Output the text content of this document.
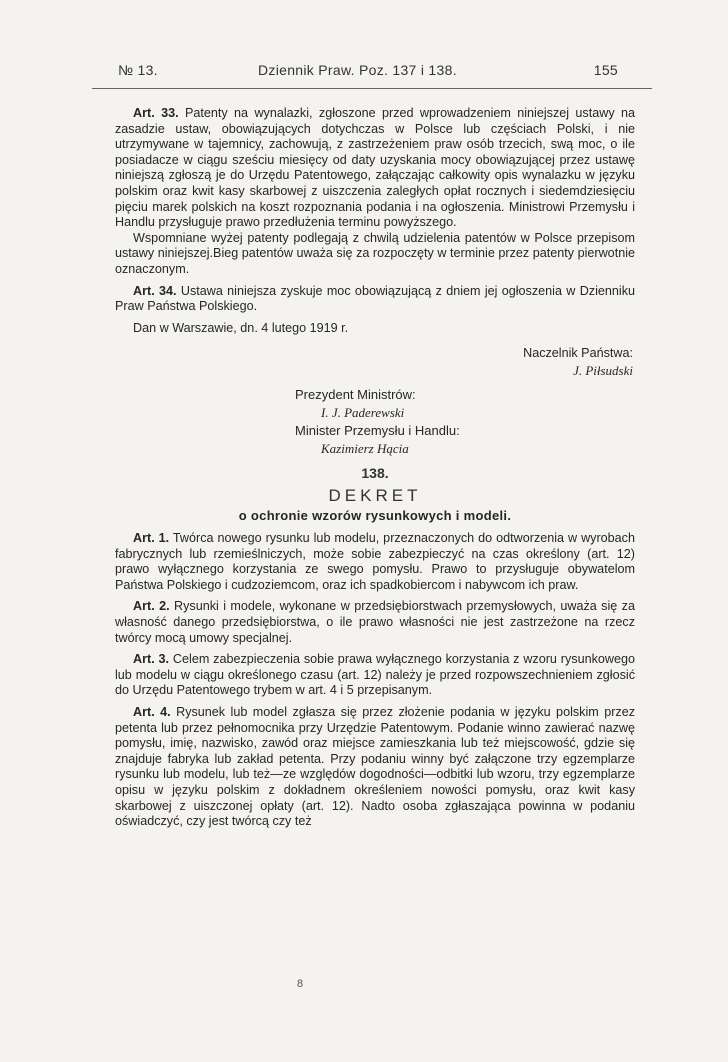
№ 13.	Dziennik Praw. Poz. 137 i 138.	155

Art. 33. Patenty na wynalazki, zgłoszone przed wprowadzeniem niniejszej ustawy na zasadzie ustaw, obowiązujących dotychczas w Polsce lub częściach Polski, i nie utrzymywane w tajemnicy, zachowują, z zastrzeżeniem praw osób trzecich, swą moc, o ile posiadacze w ciągu sześciu miesięcy od daty uzyskania mocy obowiązującej przez ustawę niniejszą zgłoszą je do Urzędu Patentowego, załączając całkowity opis wynalazku w języku polskim oraz kwit kasy skarbowej z uiszczenia zaległych opłat rocznych i siedemdziesięciu pięciu marek polskich na koszt rozpoznania podania i na ogłoszenia. Ministrowi Przemysłu i Handlu przysługuje prawo przedłużenia terminu powyższego.

Wspomniane wyżej patenty podlegają z chwilą udzielenia patentów w Polsce przepisom ustawy niniejszej.Bieg patentów uważa się za rozpoczęty w terminie przez patenty pierwotnie oznaczonym.

Art. 34. Ustawa niniejsza zyskuje moc obowiązującą z dniem jej ogłoszenia w Dzienniku Praw Państwa Polskiego.

Dan w Warszawie, dn. 4 lutego 1919 r.

Naczelnik Państwa:
J. Piłsudski
Prezydent Ministrów:
I. J. Paderewski
Minister Przemysłu i Handlu:
Kazimierz Hącia
138.
DEKRET
o ochronie wzorów rysunkowych i modeli.

Art. 1. Twórca nowego rysunku lub modelu, przeznaczonych do odtworzenia w wyrobach fabrycznych lub rzemieślniczych, może sobie zabezpieczyć na czas określony (art. 12) prawo wyłącznego korzystania ze swego pomysłu. Prawo to przysługuje obywatelom Państwa Polskiego i cudzoziemcom, oraz ich spadkobiercom i nabywcom ich praw.

Art. 2. Rysunki i modele, wykonane w przedsiębiorstwach przemysłowych, uważa się za własność danego przedsiębiorstwa, o ile prawo własności nie jest zastrzeżone na rzecz twórcy mocą umowy specjalnej.

Art. 3. Celem zabezpieczenia sobie prawa wyłącznego korzystania z wzoru rysunkowego lub modelu w ciągu określonego czasu (art. 12) należy je przed rozpowszechnieniem zgłosić do Urzędu Patentowego trybem w art. 4 i 5 przepisanym.

Art. 4. Rysunek lub model zgłasza się przez złożenie podania w języku polskim przez petenta lub przez pełnomocnika przy Urzędzie Patentowym. Podanie winno zawierać nazwę pomysłu, imię, nazwisko, zawód oraz miejsce zamieszkania lub też miejscowość, gdzie się znajduje fabryka lub zakład petenta. Przy podaniu winny być załączone trzy egzemplarze rysunku lub modelu, lub też—ze względów dogodności—odbitki lub wzoru, trzy egzemplarze opisu w języku polskim z dokładnem określeniem nowości pomysłu, oraz kwit kasy skarbowej z uiszczonej opłaty (art. 12). Nadto osoba zgłaszająca powinna w podaniu oświadczyć, czy jest twórcą czy też

8
